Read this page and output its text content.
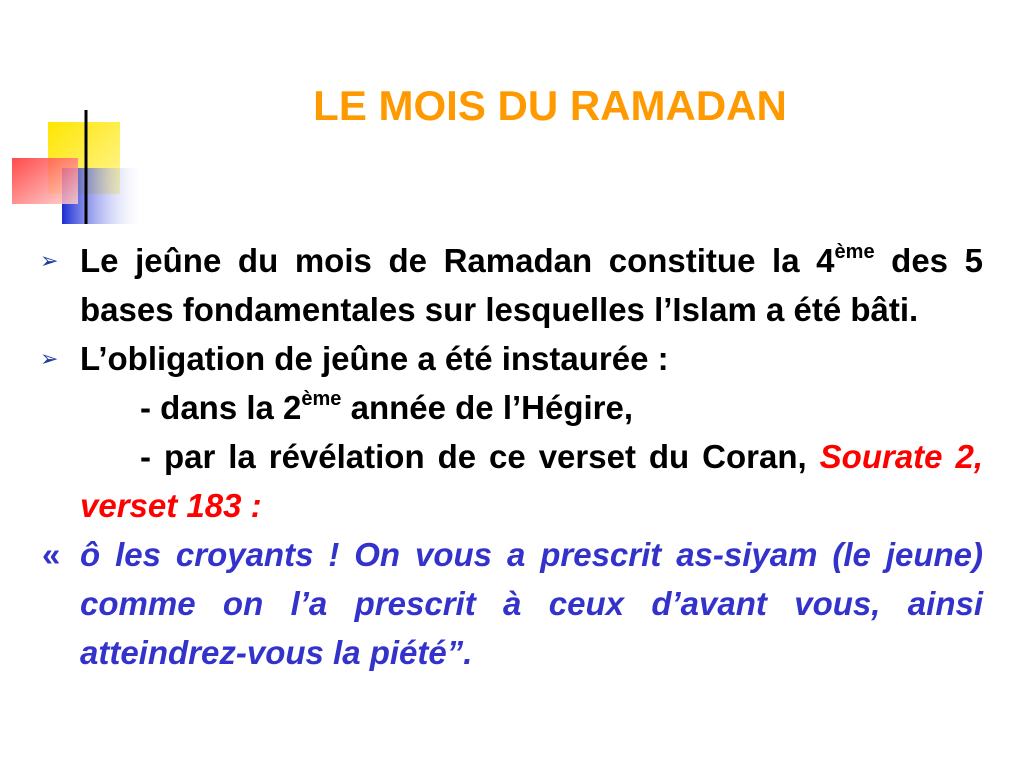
LE MOIS DU RAMADAN

➢ Le jeûne du mois de Ramadan constitue la 4ème des 5 bases fondamentales sur lesquelles l’Islam a été bâti.

➢ L’obligation de jeûne a été instaurée :

- dans la 2ème année de l’Hégire,

- par la révélation de ce verset du Coran, Sourate 2, verset 183 :

« ô les croyants ! On vous a prescrit as-siyam (le jeune) comme on l’a prescrit à ceux d’avant vous, ainsi atteindrez-vous la piété”.
